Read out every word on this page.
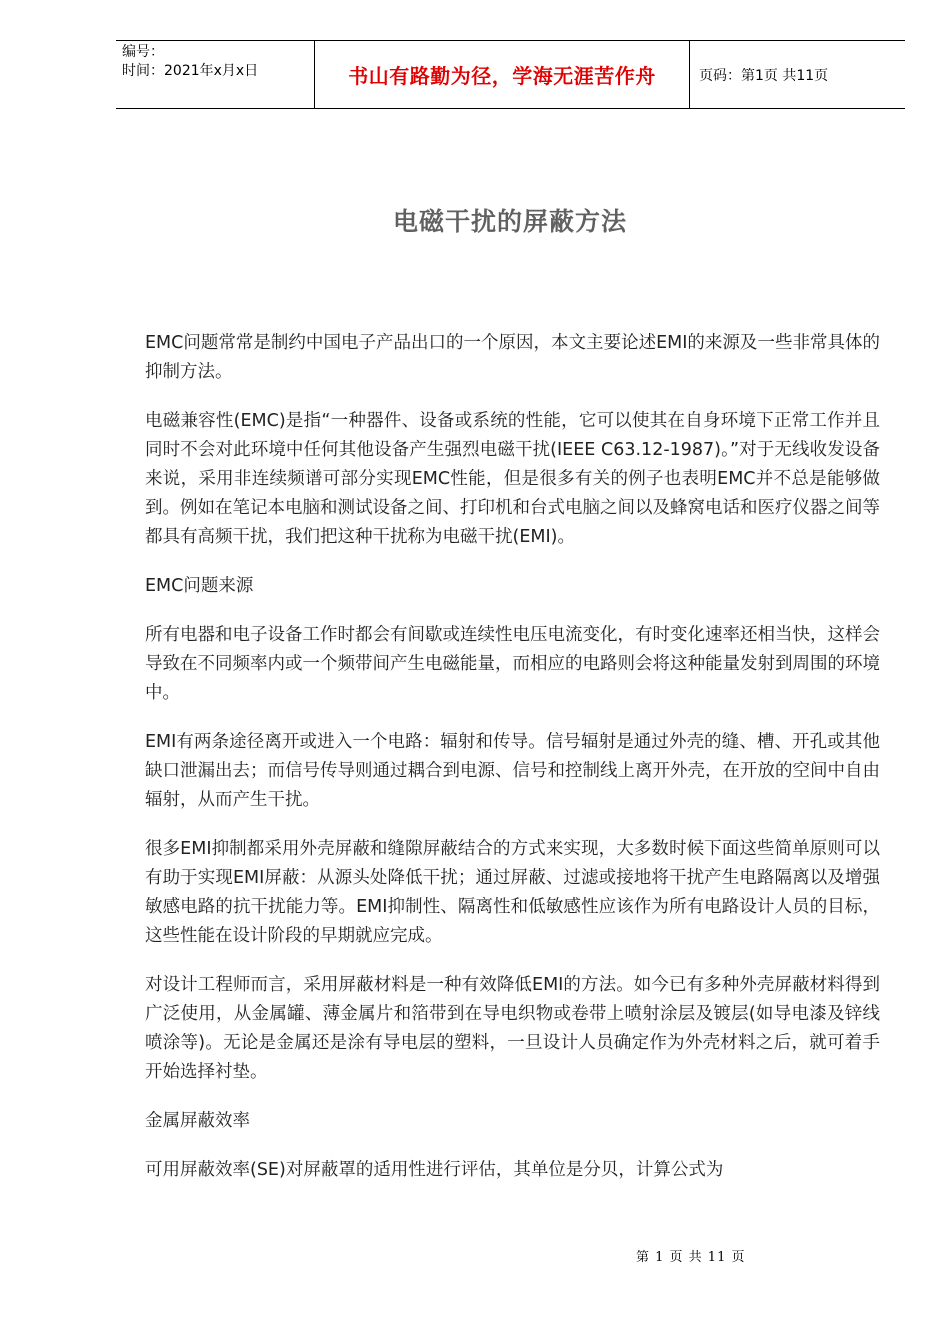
编号：
时间：2021年x月x日	书山有路勤为径，学海无涯苦作舟	页码：第1页 共11页
电磁干扰的屏蔽方法

EMC问题常常是制约中国电子产品出口的一个原因，本文主要论述EMI的来源及一些非常具体的抑制方法。

电磁兼容性(EMC)是指“一种器件、设备或系统的性能，它可以使其在自身环境下正常工作并且同时不会对此环境中任何其他设备产生强烈电磁干扰(IEEE C63.12-1987)。”对于无线收发设备来说，采用非连续频谱可部分实现EMC性能，但是很多有关的例子也表明EMC并不总是能够做到。例如在笔记本电脑和测试设备之间、打印机和台式电脑之间以及蜂窝电话和医疗仪器之间等都具有高频干扰，我们把这种干扰称为电磁干扰(EMI)。

EMC问题来源

所有电器和电子设备工作时都会有间歇或连续性电压电流变化，有时变化速率还相当快，这样会导致在不同频率内或一个频带间产生电磁能量，而相应的电路则会将这种能量发射到周围的环境中。

EMI有两条途径离开或进入一个电路：辐射和传导。信号辐射是通过外壳的缝、槽、开孔或其他缺口泄漏出去；而信号传导则通过耦合到电源、信号和控制线上离开外壳，在开放的空间中自由辐射，从而产生干扰。

很多EMI抑制都采用外壳屏蔽和缝隙屏蔽结合的方式来实现，大多数时候下面这些简单原则可以有助于实现EMI屏蔽：从源头处降低干扰；通过屏蔽、过滤或接地将干扰产生电路隔离以及增强敏感电路的抗干扰能力等。EMI抑制性、隔离性和低敏感性应该作为所有电路设计人员的目标，这些性能在设计阶段的早期就应完成。

对设计工程师而言，采用屏蔽材料是一种有效降低EMI的方法。如今已有多种外壳屏蔽材料得到广泛使用，从金属罐、薄金属片和箔带到在导电织物或卷带上喷射涂层及镀层(如导电漆及锌线喷涂等)。无论是金属还是涂有导电层的塑料，一旦设计人员确定作为外壳材料之后，就可着手开始选择衬垫。

金属屏蔽效率

可用屏蔽效率(SE)对屏蔽罩的适用性进行评估，其单位是分贝，计算公式为

第 1 页 共 11 页
